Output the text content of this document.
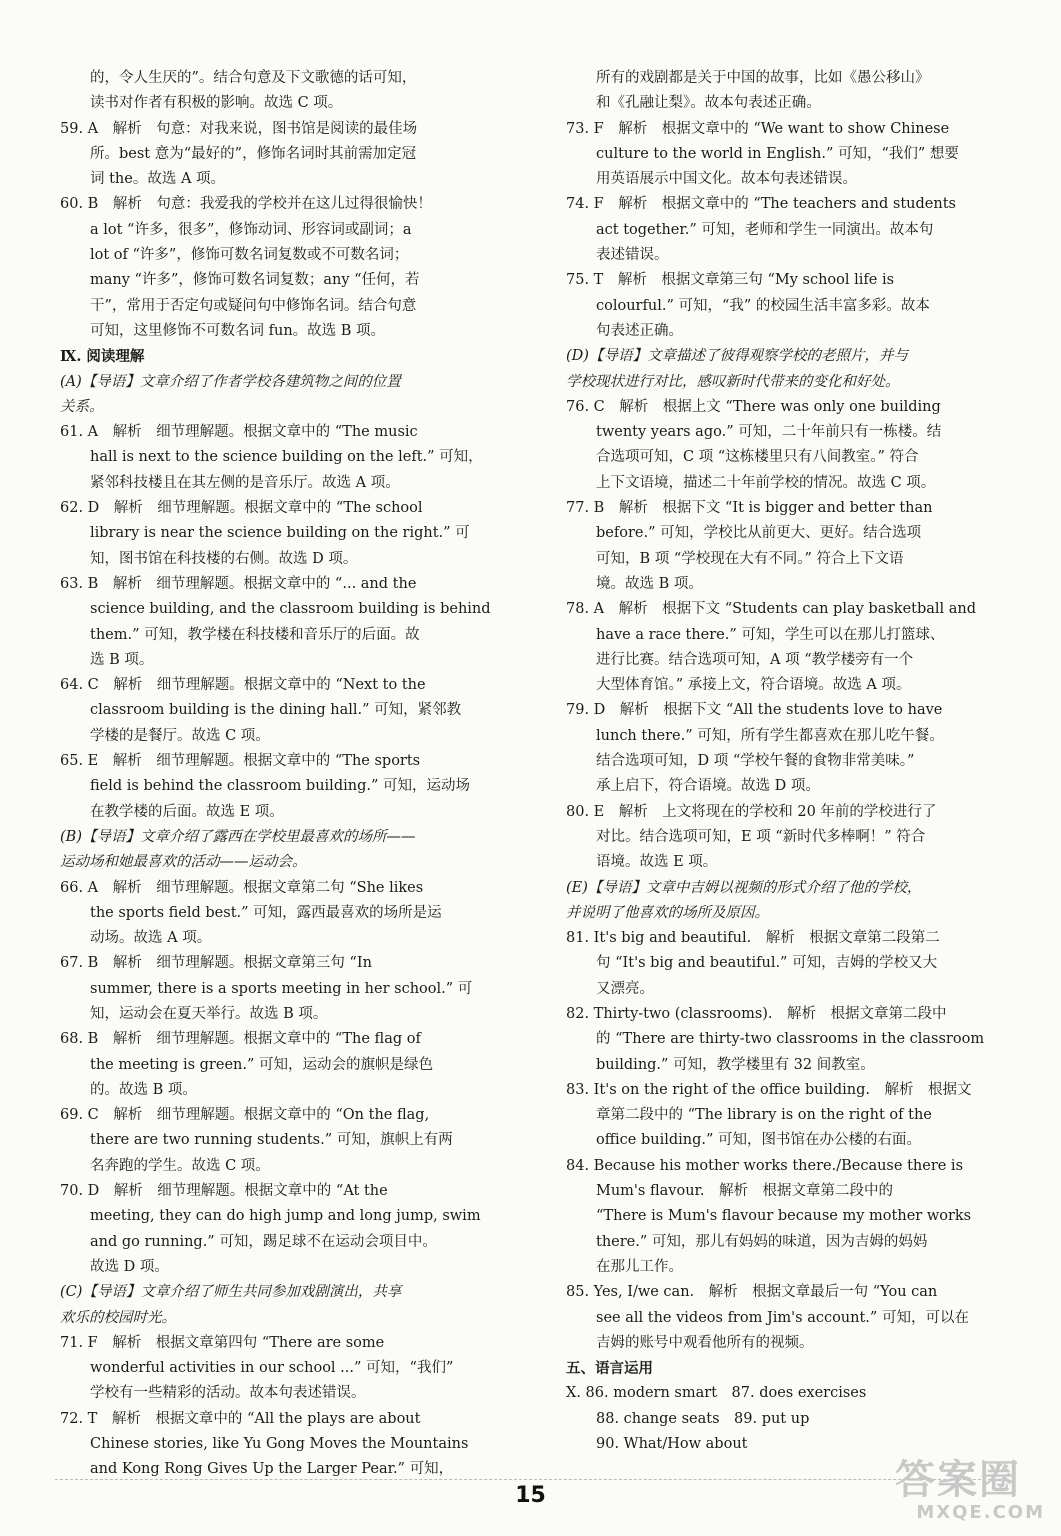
的，令人生厌的”。结合句意及下文歌德的话可知，
读书对作者有积极的影响。故选 C 项。
59. A　解析　句意：对我来说，图书馆是阅读的最佳场
所。best 意为“最好的”，修饰名词时其前需加定冠
词 the。故选 A 项。
60. B　解析　句意：我爱我的学校并在这儿过得很愉快！
a lot “许多，很多”，修饰动词、形容词或副词；a
lot of “许多”，修饰可数名词复数或不可数名词；
many “许多”，修饰可数名词复数；any “任何，若
干”，常用于否定句或疑问句中修饰名词。结合句意
可知，这里修饰不可数名词 fun。故选 B 项。
Ⅸ. 阅读理解
(A)【导语】文章介绍了作者学校各建筑物之间的位置
关系。
61. A　解析　细节理解题。根据文章中的 “The music
hall is next to the science building on the left.” 可知，
紧邻科技楼且在其左侧的是音乐厅。故选 A 项。
62. D　解析　细节理解题。根据文章中的 “The school
library is near the science building on the right.” 可
知，图书馆在科技楼的右侧。故选 D 项。
63. B　解析　细节理解题。根据文章中的 “... and the
science building, and the classroom building is behind
them.” 可知，教学楼在科技楼和音乐厅的后面。故
选 B 项。
64. C　解析　细节理解题。根据文章中的 “Next to the
classroom building is the dining hall.” 可知，紧邻教
学楼的是餐厅。故选 C 项。
65. E　解析　细节理解题。根据文章中的 “The sports
field is behind the classroom building.” 可知，运动场
在教学楼的后面。故选 E 项。
(B)【导语】文章介绍了露西在学校里最喜欢的场所——
运动场和她最喜欢的活动——运动会。
66. A　解析　细节理解题。根据文章第二句 “She likes
the sports field best.” 可知，露西最喜欢的场所是运
动场。故选 A 项。
67. B　解析　细节理解题。根据文章第三句 “In
summer, there is a sports meeting in her school.” 可
知，运动会在夏天举行。故选 B 项。
68. B　解析　细节理解题。根据文章中的 “The flag of
the meeting is green.” 可知，运动会的旗帜是绿色
的。故选 B 项。
69. C　解析　细节理解题。根据文章中的 “On the flag,
there are two running students.” 可知，旗帜上有两
名奔跑的学生。故选 C 项。
70. D　解析　细节理解题。根据文章中的 “At the
meeting, they can do high jump and long jump, swim
and go running.” 可知，踢足球不在运动会项目中。
故选 D 项。
(C)【导语】文章介绍了师生共同参加戏剧演出，共享
欢乐的校园时光。
71. F　解析　根据文章第四句 “There are some
wonderful activities in our school ...” 可知，“我们”
学校有一些精彩的活动。故本句表述错误。
72. T　解析　根据文章中的 “All the plays are about
Chinese stories, like Yu Gong Moves the Mountains
and Kong Rong Gives Up the Larger Pear.” 可知，
所有的戏剧都是关于中国的故事，比如《愚公移山》
和《孔融让梨》。故本句表述正确。
73. F　解析　根据文章中的 “We want to show Chinese
culture to the world in English.” 可知，“我们” 想要
用英语展示中国文化。故本句表述错误。
74. F　解析　根据文章中的 “The teachers and students
act together.” 可知，老师和学生一同演出。故本句
表述错误。
75. T　解析　根据文章第三句 “My school life is
colourful.” 可知，“我” 的校园生活丰富多彩。故本
句表述正确。
(D)【导语】文章描述了彼得观察学校的老照片，并与
学校现状进行对比，感叹新时代带来的变化和好处。
76. C　解析　根据上文 “There was only one building
twenty years ago.” 可知，二十年前只有一栋楼。结
合选项可知，C 项 “这栋楼里只有八间教室。” 符合
上下文语境，描述二十年前学校的情况。故选 C 项。
77. B　解析　根据下文 “It is bigger and better than
before.” 可知，学校比从前更大、更好。结合选项
可知，B 项 “学校现在大有不同。” 符合上下文语
境。故选 B 项。
78. A　解析　根据下文 “Students can play basketball and
have a race there.” 可知，学生可以在那儿打篮球、
进行比赛。结合选项可知，A 项 “教学楼旁有一个
大型体育馆。” 承接上文，符合语境。故选 A 项。
79. D　解析　根据下文 “All the students love to have
lunch there.” 可知，所有学生都喜欢在那儿吃午餐。
结合选项可知，D 项 “学校午餐的食物非常美味。”
承上启下，符合语境。故选 D 项。
80. E　解析　上文将现在的学校和 20 年前的学校进行了
对比。结合选项可知，E 项 “新时代多棒啊！” 符合
语境。故选 E 项。
(E)【导语】文章中吉姆以视频的形式介绍了他的学校，
并说明了他喜欢的场所及原因。
81. It's big and beautiful.　解析　根据文章第二段第二
句 “It's big and beautiful.” 可知，吉姆的学校又大
又漂亮。
82. Thirty-two (classrooms).　解析　根据文章第二段中
的 “There are thirty-two classrooms in the classroom
building.” 可知，教学楼里有 32 间教室。
83. It's on the right of the office building.　解析　根据文
章第二段中的 “The library is on the right of the
office building.” 可知，图书馆在办公楼的右面。
84. Because his mother works there./Because there is
Mum's flavour.　解析　根据文章第二段中的
“There is Mum's flavour because my mother works
there.” 可知，那儿有妈妈的味道，因为吉姆的妈妈
在那儿工作。
85. Yes, I/we can.　解析　根据文章最后一句 “You can
see all the videos from Jim's account.” 可知，可以在
吉姆的账号中观看他所有的视频。
五、语言运用
Ⅹ. 86. modern smart　87. does exercises
88. change seats　89. put up
90. What/How about
15	答案圈
MXQE.COM
